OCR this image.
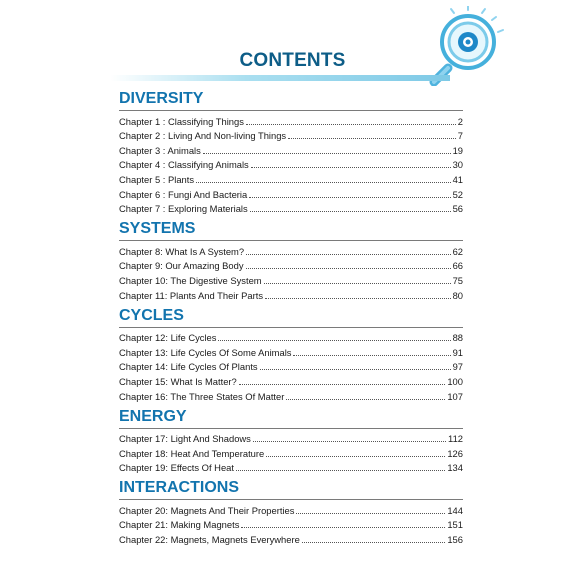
CONTENTS
DIVERSITY
Chapter 1 : Classifying Things	2
Chapter 2 : Living And Non-living Things	7
Chapter 3 : Animals	19
Chapter 4 : Classifying Animals	30
Chapter 5 : Plants	41
Chapter 6 : Fungi And Bacteria	52
Chapter 7 : Exploring Materials	56
SYSTEMS
Chapter 8: What Is A System?	62
Chapter 9: Our Amazing Body	66
Chapter 10: The Digestive System	75
Chapter 11: Plants And Their Parts	80
CYCLES
Chapter 12: Life Cycles	88
Chapter 13: Life Cycles Of Some Animals	91
Chapter 14: Life Cycles Of Plants	97
Chapter 15: What Is Matter?	100
Chapter 16: The Three States Of Matter	107
ENERGY
Chapter 17: Light And Shadows	112
Chapter 18: Heat And Temperature	126
Chapter 19: Effects Of Heat	134
INTERACTIONS
Chapter 20: Magnets And Their Properties	144
Chapter 21: Making Magnets	151
Chapter 22: Magnets, Magnets Everywhere	156
